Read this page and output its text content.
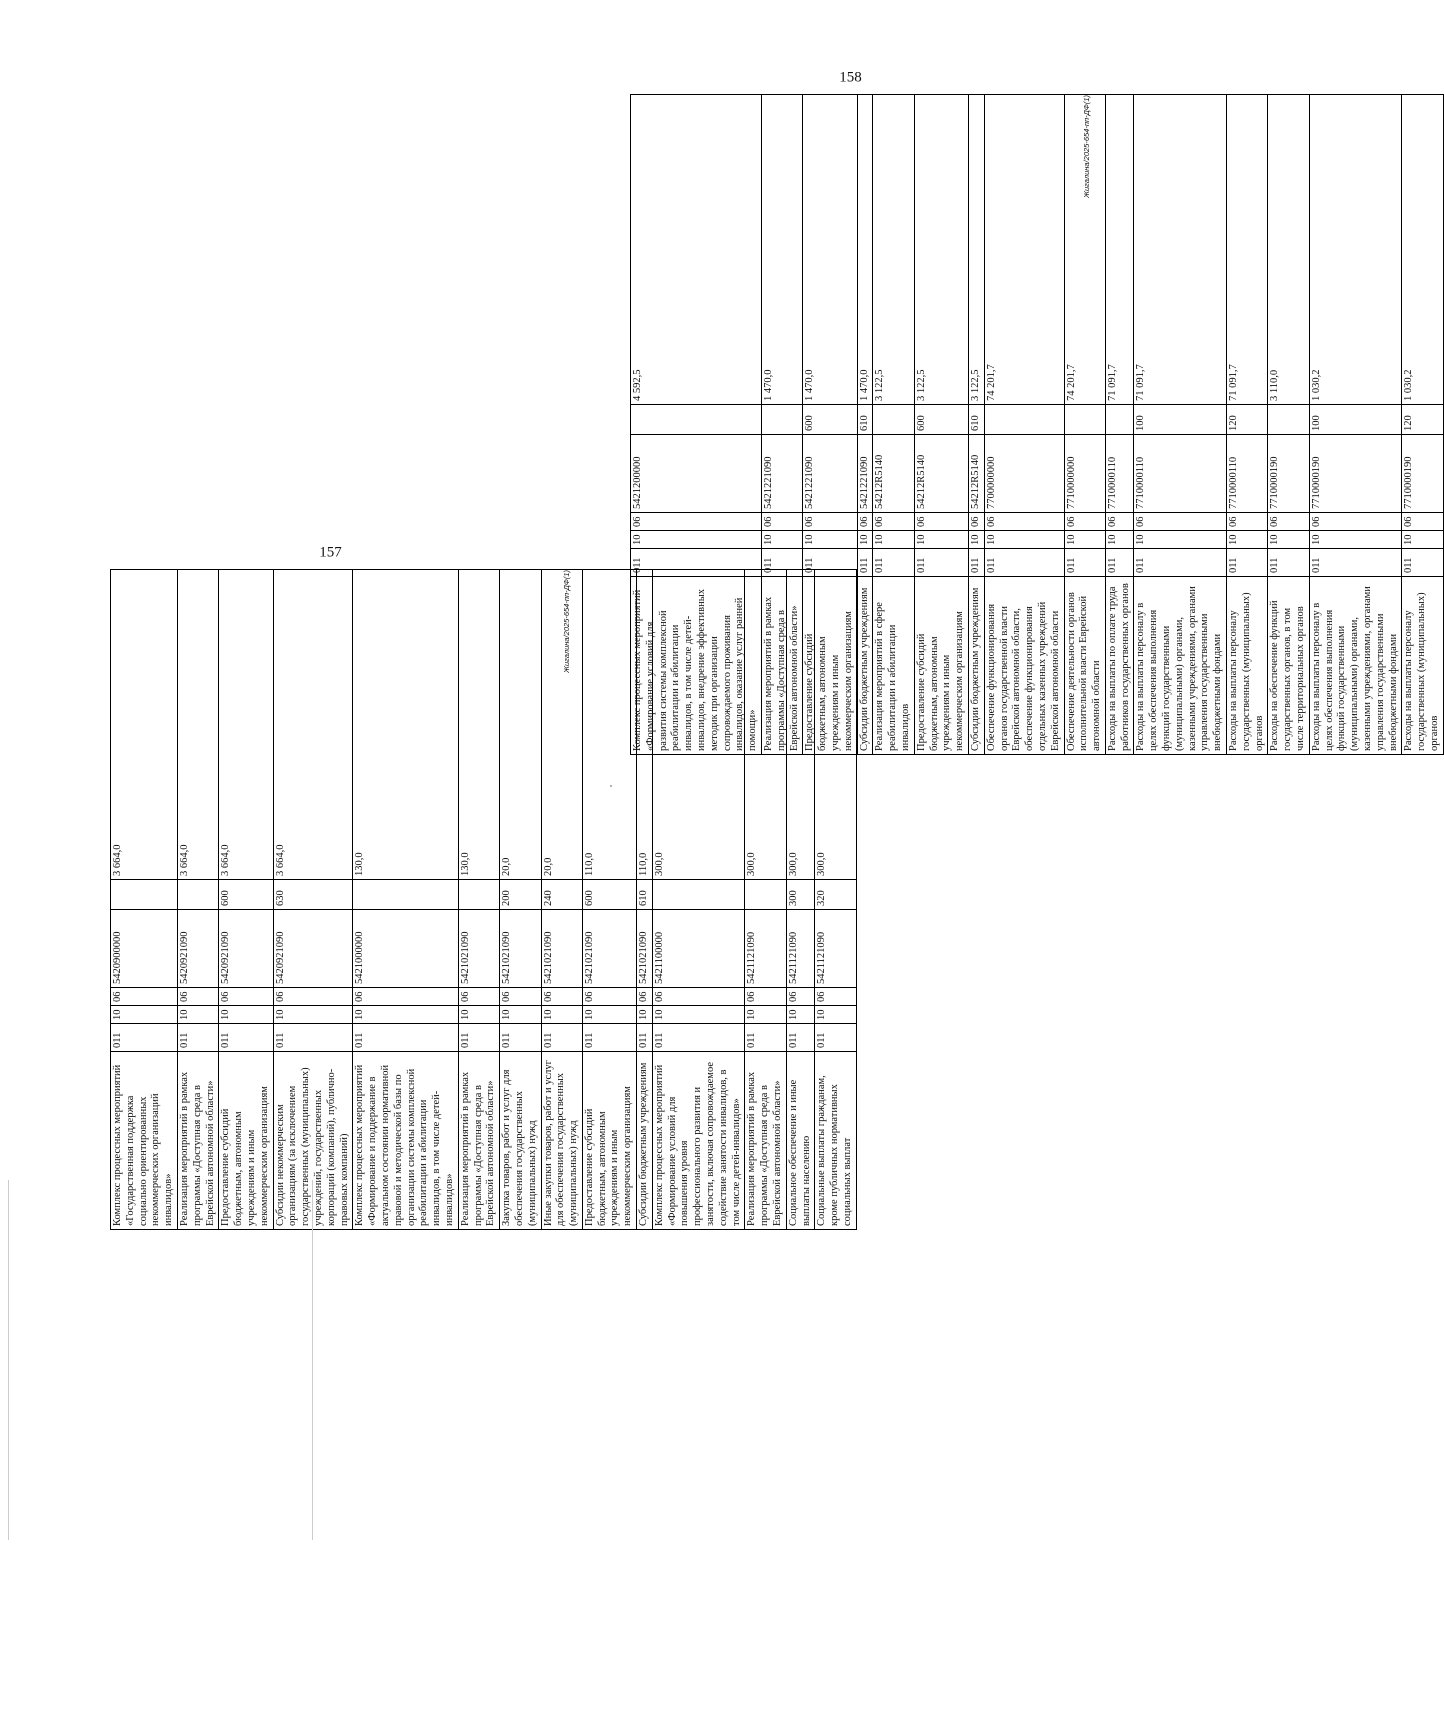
Комплекс процессных мероприятий «Государственная поддержка социально ориентированных некоммерческих организаций инвалидов»	011	10	06	5420900000		3 664,0
Реализация мероприятий в рамках программы «Доступная среда в Еврейской автономной области»	011	10	06	5420921090		3 664,0
Предоставление субсидий бюджетным, автономным учреждениям и иным некоммерческим организациям	011	10	06	5420921090	600	3 664,0
Субсидии некоммерческим организациям (за исключением государственных (муниципальных) учреждений, государственных корпораций (компаний), публично-правовых компаний)	011	10	06	5420921090	630	3 664,0
Комплекс процессных мероприятий «Формирование и поддержание в актуальном состоянии нормативной правовой и методической базы по организации системы комплексной реабилитации и абилитации инвалидов, в том числе детей-инвалидов»	011	10	06	5421000000		130,0
Реализация мероприятий в рамках программы «Доступная среда в Еврейской автономной области»	011	10	06	5421021090		130,0
Закупка товаров, работ и услуг для обеспечения государственных (муниципальных) нужд	011	10	06	5421021090	200	20,0
Иные закупки товаров, работ и услуг для обеспечения государственных (муниципальных) нужд	011	10	06	5421021090	240	20,0
Предоставление субсидий бюджетным, автономным учреждениям и иным некоммерческим организациям	011	10	06	5421021090	600	110,0
Субсидии бюджетным учреждениям	011	10	06	5421021090	610	110,0
Комплекс процессных мероприятий «Формирование условий для повышения уровня профессионального развития и занятости, включая сопровождаемое содействие занятости инвалидов, в том числе детей-инвалидов»	011	10	06	5421100000		300,0
Реализация мероприятий в рамках программы «Доступная среда в Еврейской автономной области»	011	10	06	5421121090		300,0
Социальное обеспечение и иные выплаты населению	011	10	06	5421121090	300	300,0
Социальные выплаты гражданам, кроме публичных нормативных социальных выплат	011	10	06	5421121090	320	300,0
157
Жигалина/2025-654-пп-ДФ(1)	Комплекс процессных мероприятий «Формирование условий для развития системы комплексной реабилитации и абилитации инвалидов, в том числе детей-инвалидов, внедрение эффективных методик при организации сопровождаемого проживания инвалидов, оказание услуг ранней помощи»	011	10	06	5421200000		4 592,5
Реализация мероприятий в рамках программы «Доступная среда в Еврейской автономной области»	011	10	06	5421221090		1 470,0
Предоставление субсидий бюджетным, автономным учреждениям и иным некоммерческим организациям	011	10	06	5421221090	600	1 470,0
Субсидии бюджетным учреждениям	011	10	06	5421221090	610	1 470,0
Реализация мероприятий в сфере реабилитации и абилитации инвалидов	011	10	06	54212R5140		3 122,5
Предоставление субсидий бюджетным, автономным учреждениям и иным некоммерческим организациям	011	10	06	54212R5140	600	3 122,5
Субсидии бюджетным учреждениям	011	10	06	54212R5140	610	3 122,5
Обеспечение функционирования органов государственной власти Еврейской автономной области, обеспечение функционирования отдельных казенных учреждений Еврейской автономной области	011	10	06	7700000000		74 201,7
Обеспечение деятельности органов исполнительной власти Еврейской автономной области	011	10	06	7710000000		74 201,7
Расходы на выплаты по оплате труда работников государственных органов	011	10	06	7710000110		71 091,7
Расходы на выплаты персоналу в целях обеспечения выполнения функций государственными (муниципальными) органами, казенными учреждениями, органами управления государственными внебюджетными фондами	011	10	06	7710000110	100	71 091,7
Расходы на выплаты персоналу государственных (муниципальных) органов	011	10	06	7710000110	120	71 091,7
Расходы на обеспечение функций государственных органов, в том числе территориальных органов	011	10	06	7710000190		3 110,0
Расходы на выплаты персоналу в целях обеспечения выполнения функций государственными (муниципальными) органами, казенными учреждениями, органами управления государственными внебюджетными фондами	011	10	06	7710000190	100	1 030,2
Расходы на выплаты персоналу государственных (муниципальных) органов	011	10	06	7710000190	120	1 030,2
158
Жигалина/2025-654-пп-ДФ(1)
